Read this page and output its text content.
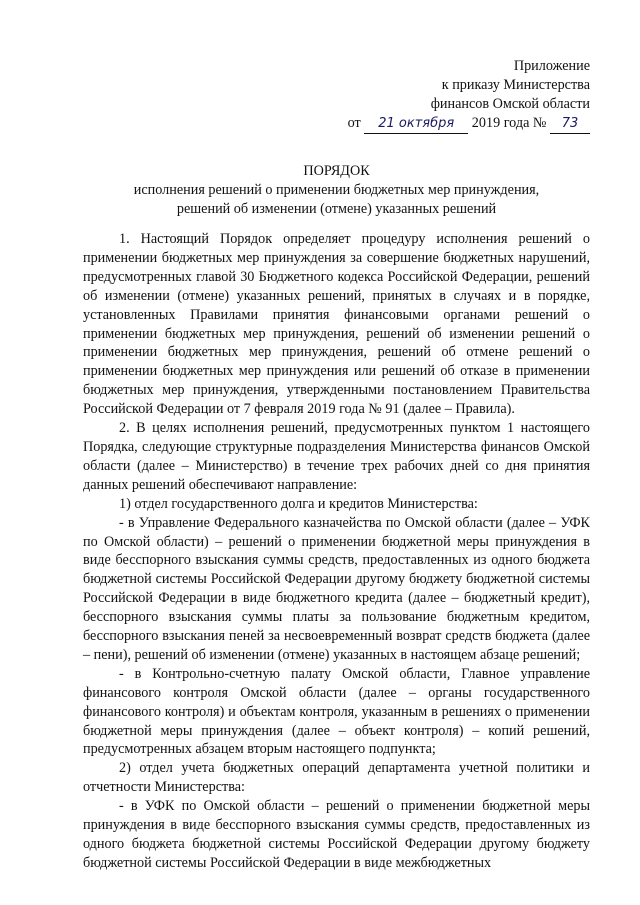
Приложение
к приказу Министерства
финансов Омской области
от 21 октября 2019 года № 73
ПОРЯДОК
исполнения решений о применении бюджетных мер принуждения,
решений об изменении (отмене) указанных решений

1. Настоящий Порядок определяет процедуру исполнения решений о применении бюджетных мер принуждения за совершение бюджетных нарушений, предусмотренных главой 30 Бюджетного кодекса Российской Федерации, решений об изменении (отмене) указанных решений, принятых в случаях и в порядке, установленных Правилами принятия финансовыми органами решений о применении бюджетных мер принуждения, решений об изменении решений о применении бюджетных мер принуждения, решений об отмене решений о применении бюджетных мер принуждения или решений об отказе в применении бюджетных мер принуждения, утвержденными постановлением Правительства Российской Федерации от 7 февраля 2019 года № 91 (далее – Правила).

2. В целях исполнения решений, предусмотренных пунктом 1 настоящего Порядка, следующие структурные подразделения Министерства финансов Омской области (далее – Министерство) в течение трех рабочих дней со дня принятия данных решений обеспечивают направление:

1) отдел государственного долга и кредитов Министерства:

- в Управление Федерального казначейства по Омской области (далее – УФК по Омской области) – решений о применении бюджетной меры принуждения в виде бесспорного взыскания суммы средств, предоставленных из одного бюджета бюджетной системы Российской Федерации другому бюджету бюджетной системы Российской Федерации в виде бюджетного кредита (далее – бюджетный кредит), бесспорного взыскания суммы платы за пользование бюджетным кредитом, бесспорного взыскания пеней за несвоевременный возврат средств бюджета (далее – пени), решений об изменении (отмене) указанных в настоящем абзаце решений;

- в Контрольно-счетную палату Омской области, Главное управление финансового контроля Омской области (далее – органы государственного финансового контроля) и объектам контроля, указанным в решениях о применении бюджетной меры принуждения (далее – объект контроля) – копий решений, предусмотренных абзацем вторым настоящего подпункта;

2) отдел учета бюджетных операций департамента учетной политики и отчетности Министерства:

- в УФК по Омской области – решений о применении бюджетной меры принуждения в виде бесспорного взыскания суммы средств, предоставленных из одного бюджета бюджетной системы Российской Федерации другому бюджету бюджетной системы Российской Федерации в виде межбюджетных
